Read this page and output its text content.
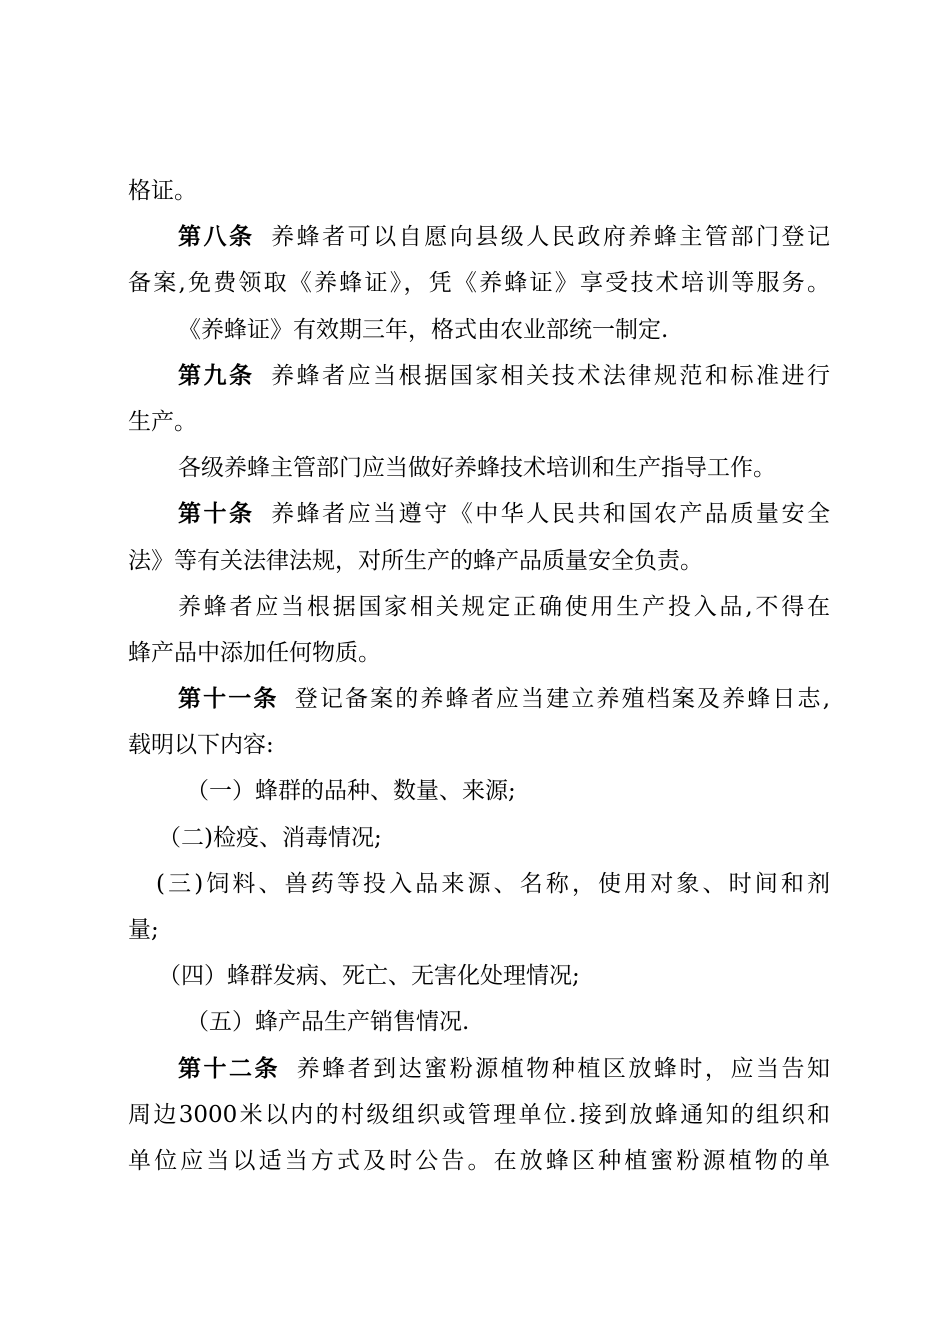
格证。
第八条 养蜂者可以自愿向县级人民政府养蜂主管部门登记
备案,免费领取《养蜂证》，凭《养蜂证》享受技术培训等服务。
《养蜂证》有效期三年，格式由农业部统一制定.
第九条 养蜂者应当根据国家相关技术法律规范和标准进行
生产。
各级养蜂主管部门应当做好养蜂技术培训和生产指导工作。
第十条 养蜂者应当遵守《中华人民共和国农产品质量安全
法》等有关法律法规，对所生产的蜂产品质量安全负责。
养蜂者应当根据国家相关规定正确使用生产投入品,不得在
蜂产品中添加任何物质。
第十一条 登记备案的养蜂者应当建立养殖档案及养蜂日志,
载明以下内容:
（一）蜂群的品种、数量、来源;
（二)检疫、消毒情况;
(三)饲料、兽药等投入品来源、名称，使用对象、时间和剂
量;
（四）蜂群发病、死亡、无害化处理情况;
（五）蜂产品生产销售情况.
第十二条 养蜂者到达蜜粉源植物种植区放蜂时，应当告知
周边3000米以内的村级组织或管理单位.接到放蜂通知的组织和
单位应当以适当方式及时公告。在放蜂区种植蜜粉源植物的单
